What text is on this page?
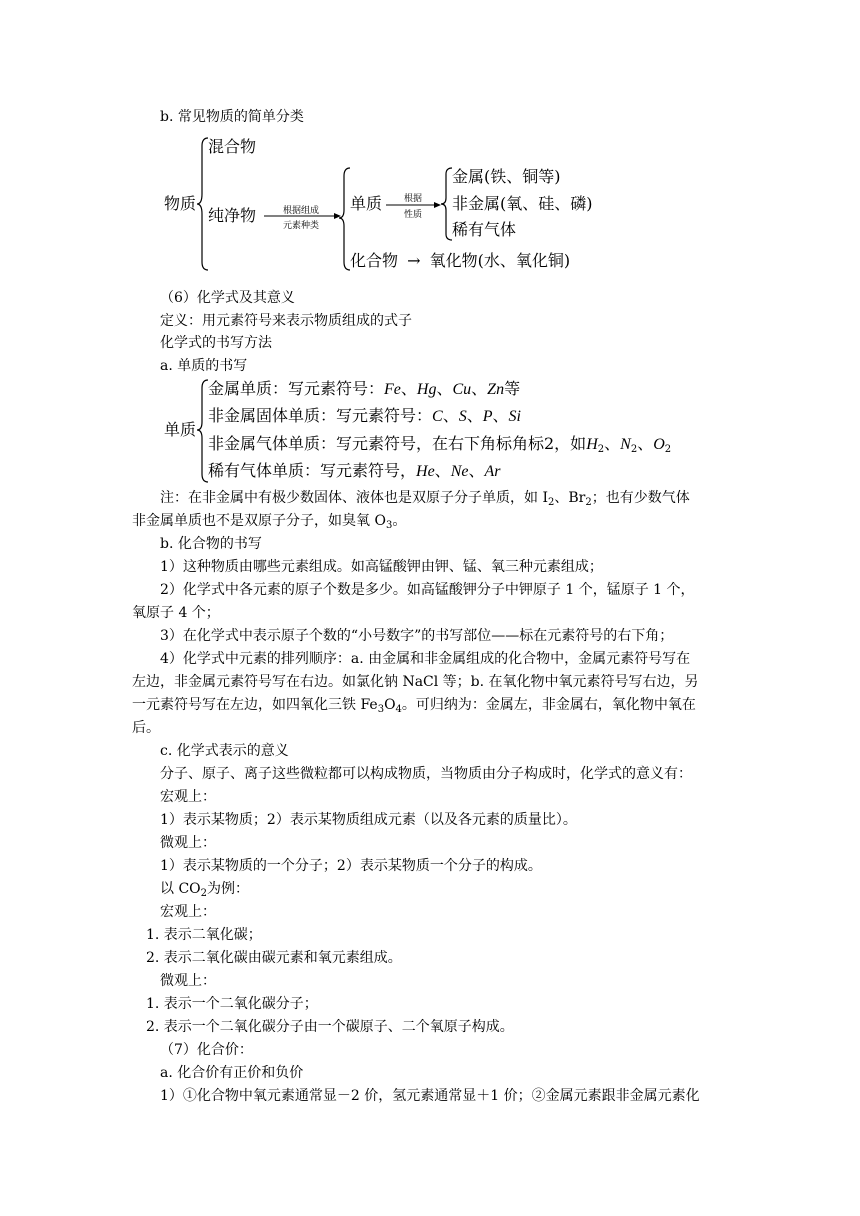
b. 常见物质的简单分类
物质
混合物
纯净物	根据组成
元素种类
单质	根据
性质
金属(铁、铜等)
非金属(氧、硅、磷)
稀有气体
化合物 → 氧化物(水、氧化铜)
（6）化学式及其意义
定义：用元素符号来表示物质组成的式子
化学式的书写方法
a. 单质的书写
单质
金属单质：写元素符号：Fe、Hg、Cu、Zn等
非金属固体单质：写元素符号：C、S、P、Si
非金属气体单质：写元素符号，在右下角标角标2，如$H_2$、$N_2$、$O_2$
稀有气体单质：写元素符号，He、Ne、Ar
注：在非金属中有极少数固体、液体也是双原子分子单质，如 $I_2$、$Br_2$；也有少数气体
非金属单质也不是双原子分子，如臭氧 $O_3$。
b. 化合物的书写
1）这种物质由哪些元素组成。如高锰酸钾由钾、锰、氧三种元素组成；
2）化学式中各元素的原子个数是多少。如高锰酸钾分子中钾原子 1 个，锰原子 1 个，
氧原子 4 个；
3）在化学式中表示原子个数的“小号数字”的书写部位——标在元素符号的右下角；
4）化学式中元素的排列顺序：a. 由金属和非金属组成的化合物中，金属元素符号写在
左边，非金属元素符号写在右边。如氯化钠 NaCl 等；b. 在氧化物中氧元素符号写右边，另
一元素符号写在左边，如四氧化三铁 $Fe_3O_4$。可归纳为：金属左，非金属右，氧化物中氧在
后。
c. 化学式表示的意义
分子、原子、离子这些微粒都可以构成物质，当物质由分子构成时，化学式的意义有：
宏观上：
1）表示某物质；2）表示某物质组成元素（以及各元素的质量比）。
微观上：
1）表示某物质的一个分子；2）表示某物质一个分子的构成。
以 $CO_2$为例：
宏观上：
1. 表示二氧化碳；
2. 表示二氧化碳由碳元素和氧元素组成。
微观上：
1. 表示一个二氧化碳分子；
2. 表示一个二氧化碳分子由一个碳原子、二个氧原子构成。
（7）化合价：
a. 化合价有正价和负价
1）①化合物中氧元素通常显－2 价，氢元素通常显＋1 价；②金属元素跟非金属元素化
